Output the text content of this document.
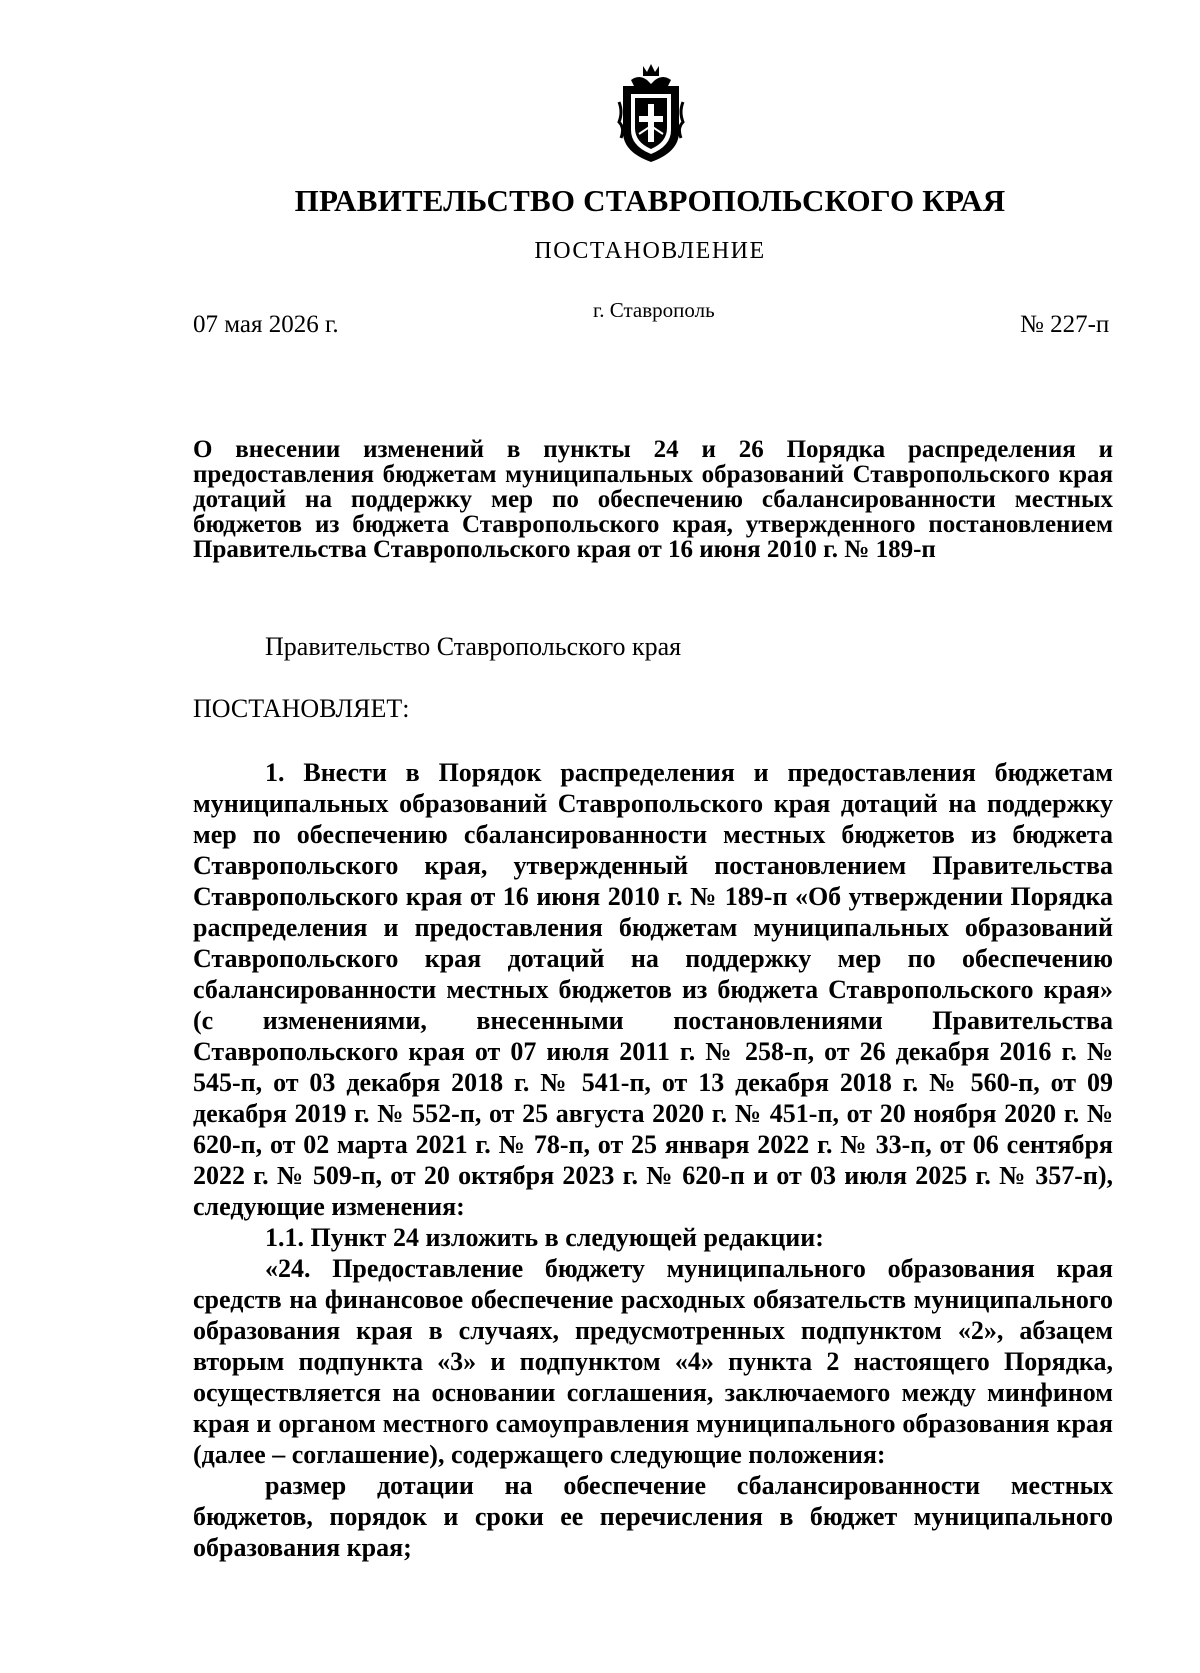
ПРАВИТЕЛЬСТВО СТАВРОПОЛЬСКОГО КРАЯ
ПОСТАНОВЛЕНИЕ
07 мая 2026 г.
г. Ставрополь
№ 227-п
О внесении изменений в пункты 24 и 26 Порядка распределения и предоставления бюджетам муниципальных образований Ставропольского края дотаций на поддержку мер по обеспечению сбалансированности местных бюджетов из бюджета Ставропольского края, утвержденного постановлением Правительства Ставропольского края от 16 июня 2010 г. № 189-п
Правительство Ставропольского края
ПОСТАНОВЛЯЕТ:
1. Внести в Порядок распределения и предоставления бюджетам муниципальных образований Ставропольского края дотаций на поддержку мер по обеспечению сбалансированности местных бюджетов из бюджета Ставропольского края, утвержденный постановлением Правительства Ставропольского края от 16 июня 2010 г. № 189-п «Об утверждении Порядка распределения и предоставления бюджетам муниципальных образований Ставропольского края дотаций на поддержку мер по обеспечению сбалансированности местных бюджетов из бюджета Ставропольского края» (с изменениями, внесенными постановлениями Правительства Ставропольского края от 07 июля 2011 г. № 258-п, от 26 декабря 2016 г. № 545-п, от 03 декабря 2018 г. № 541-п, от 13 декабря 2018 г. № 560-п, от 09 декабря 2019 г. № 552-п, от 25 августа 2020 г. № 451-п, от 20 ноября 2020 г. № 620-п, от 02 марта 2021 г. № 78-п, от 25 января 2022 г. № 33-п, от 06 сентября 2022 г. № 509-п, от 20 октября 2023 г. № 620-п и от 03 июля 2025 г. № 357-п), следующие изменения:
1.1. Пункт 24 изложить в следующей редакции:
«24. Предоставление бюджету муниципального образования края средств на финансовое обеспечение расходных обязательств муниципального образования края в случаях, предусмотренных подпунктом «2», абзацем вторым подпункта «3» и подпунктом «4» пункта 2 настоящего Порядка, осуществляется на основании соглашения, заключаемого между минфином края и органом местного самоуправления муниципального образования края (далее – соглашение), содержащего следующие положения:
размер дотации на обеспечение сбалансированности местных бюджетов, порядок и сроки ее перечисления в бюджет муниципального образования края;
